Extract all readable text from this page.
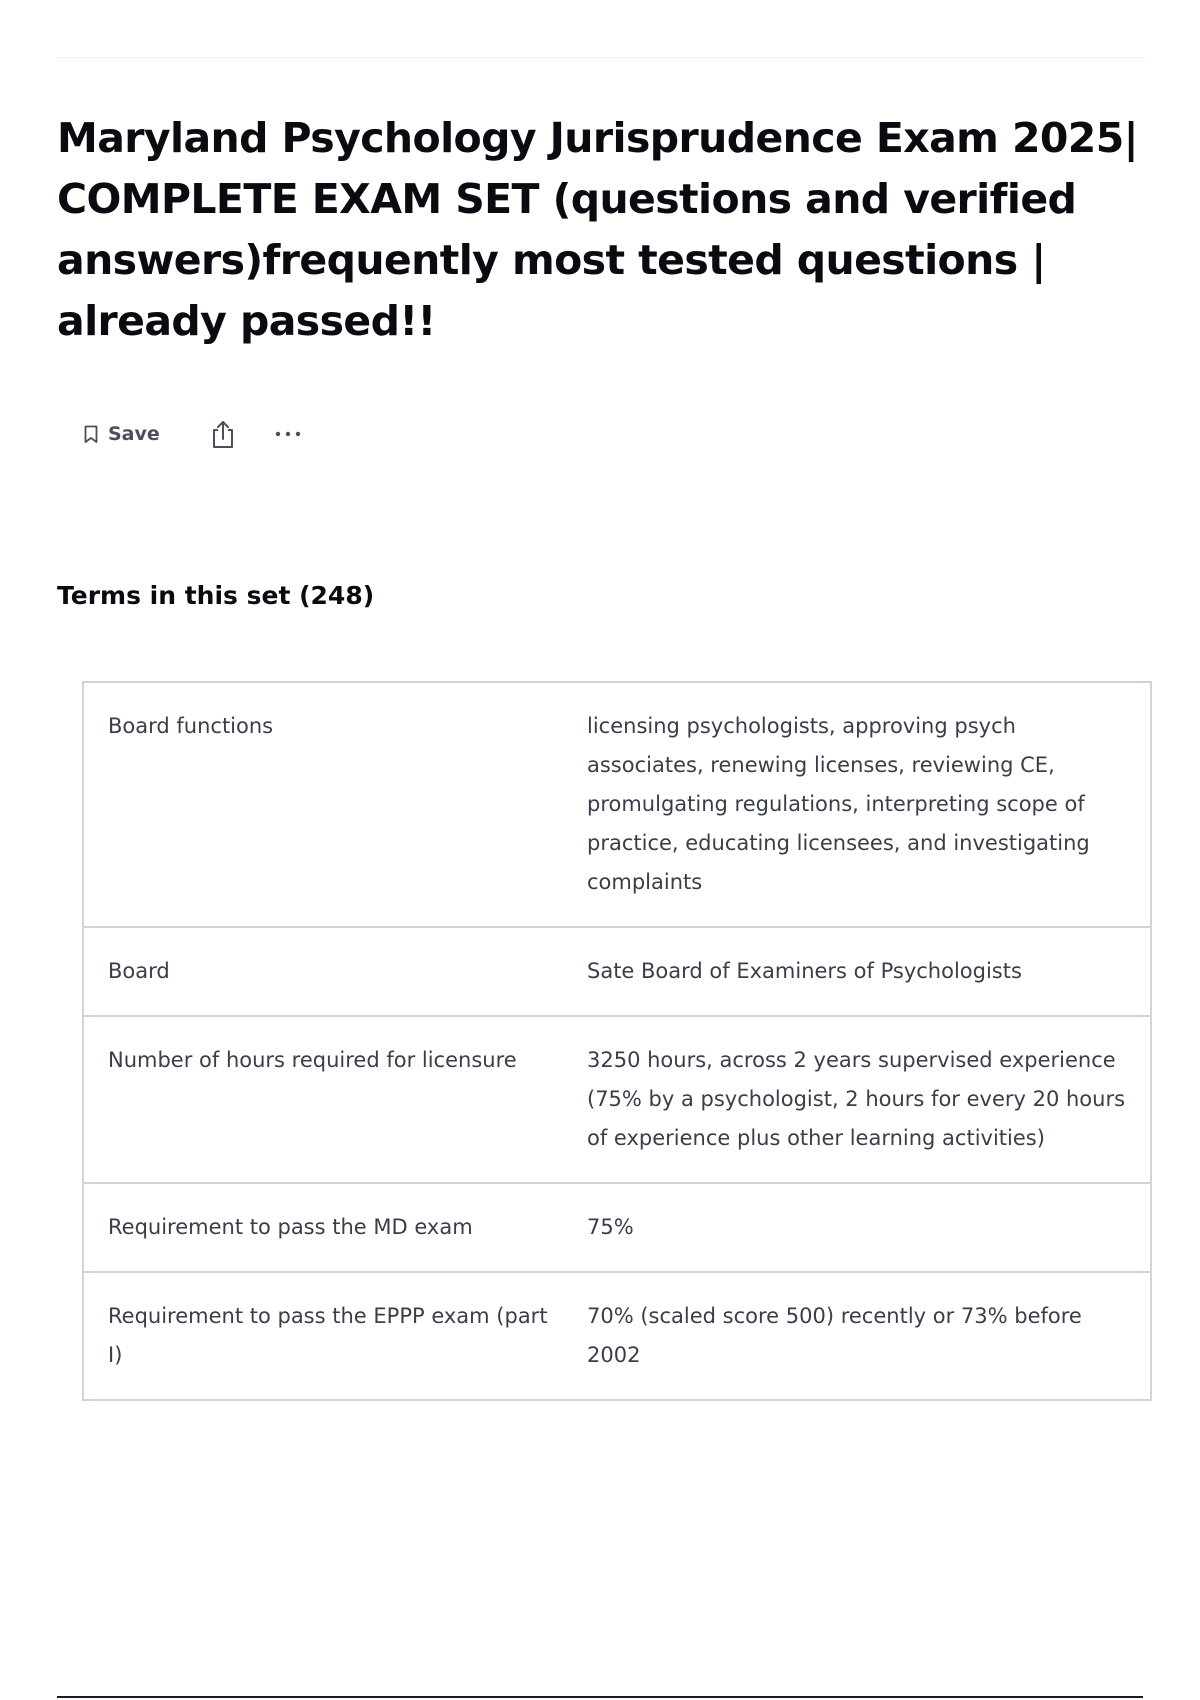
Maryland Psychology Jurisprudence Exam 2025| COMPLETE EXAM SET (questions and verified answers)frequently most tested questions | already passed!!
Save
Terms in this set (248)
Board functions	licensing psychologists, approving psych associates, renewing licenses, reviewing CE, promulgating regulations, interpreting scope of practice, educating licensees, and investigating complaints
Board	Sate Board of Examiners of Psychologists
Number of hours required for licensure	3250 hours, across 2 years supervised experience (75% by a psychologist, 2 hours for every 20 hours of experience plus other learning activities)
Requirement to pass the MD exam	75%
Requirement to pass the EPPP exam (part I)	70% (scaled score 500) recently or 73% before 2002
